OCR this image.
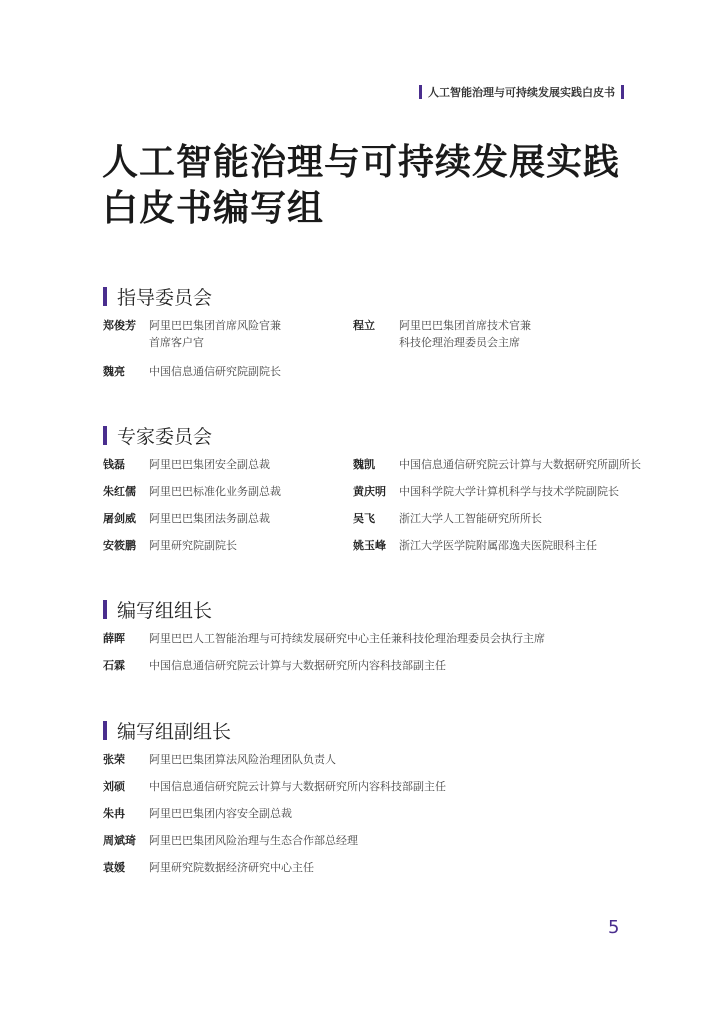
人工智能治理与可持续发展实践白皮书
人工智能治理与可持续发展实践
白皮书编写组
指导委员会
郑俊芳	阿里巴巴集团首席风险官兼
首席客户官
程立	阿里巴巴集团首席技术官兼
科技伦理治理委员会主席
魏亮	中国信息通信研究院副院长
专家委员会
钱磊	阿里巴巴集团安全副总裁	魏凯	中国信息通信研究院云计算与大数据研究所副所长
朱红儒	阿里巴巴标准化业务副总裁	黄庆明	中国科学院大学计算机科学与技术学院副院长
屠剑威	阿里巴巴集团法务副总裁	吴飞	浙江大学人工智能研究所所长
安筱鹏	阿里研究院副院长	姚玉峰	浙江大学医学院附属邵逸夫医院眼科主任
编写组组长
薛晖	阿里巴巴人工智能治理与可持续发展研究中心主任兼科技伦理治理委员会执行主席
石霖	中国信息通信研究院云计算与大数据研究所内容科技部副主任
编写组副组长
张荣	阿里巴巴集团算法风险治理团队负责人
刘硕	中国信息通信研究院云计算与大数据研究所内容科技部副主任
朱冉	阿里巴巴集团内容安全副总裁
周斌琦	阿里巴巴集团风险治理与生态合作部总经理
袁媛	阿里研究院数据经济研究中心主任
5
